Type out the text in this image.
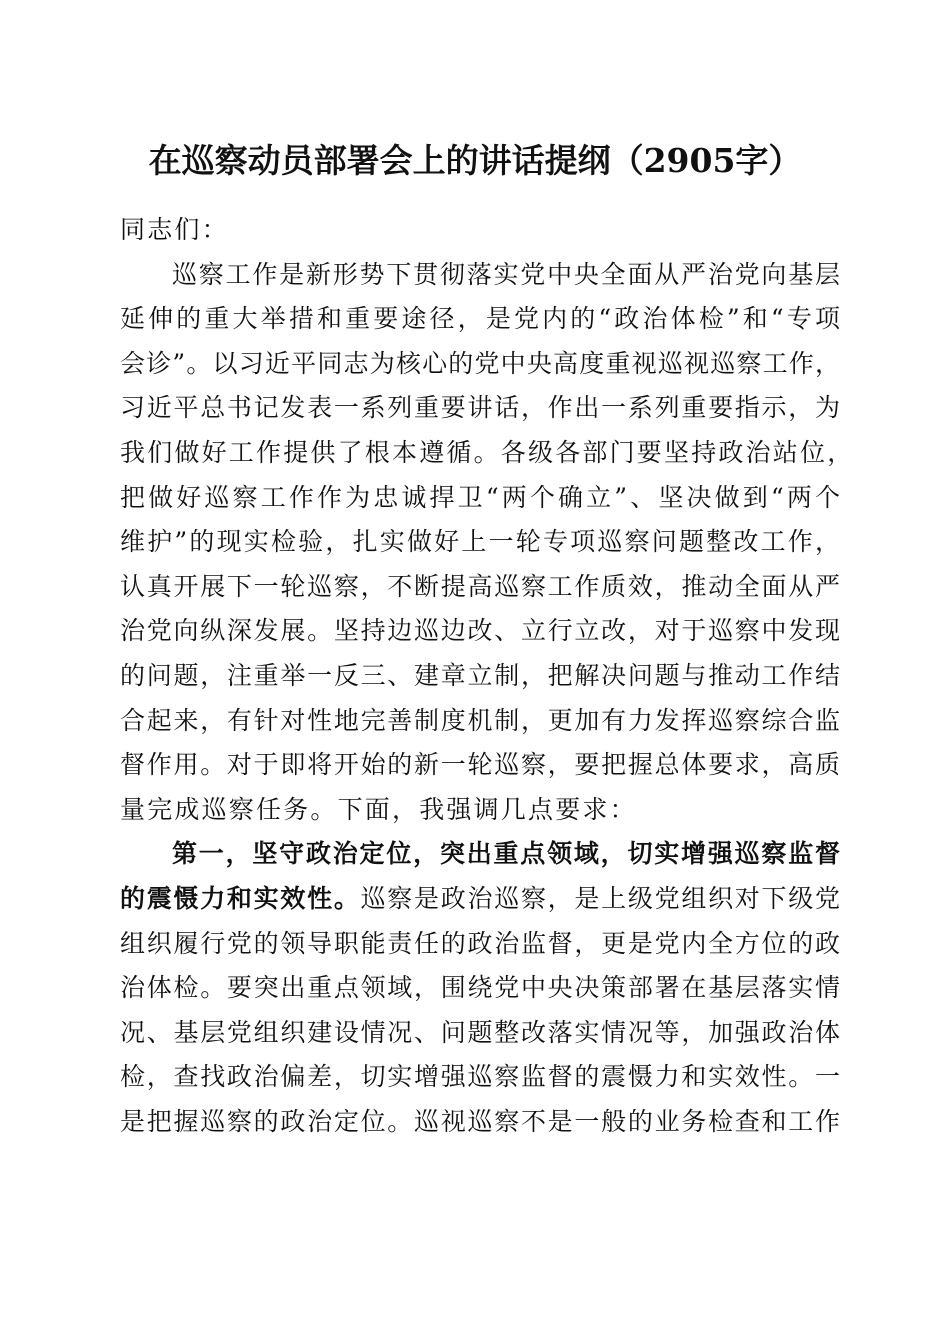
在巡察动员部署会上的讲话提纲（2905字）
同志们：
巡察工作是新形势下贯彻落实党中央全面从严治党向基层
延伸的重大举措和重要途径，是党内的“政治体检”和“专项
会诊”。以习近平同志为核心的党中央高度重视巡视巡察工作，
习近平总书记发表一系列重要讲话，作出一系列重要指示，为
我们做好工作提供了根本遵循。各级各部门要坚持政治站位，
把做好巡察工作作为忠诚捍卫“两个确立”、坚决做到“两个
维护”的现实检验，扎实做好上一轮专项巡察问题整改工作，
认真开展下一轮巡察，不断提高巡察工作质效，推动全面从严
治党向纵深发展。坚持边巡边改、立行立改，对于巡察中发现
的问题，注重举一反三、建章立制，把解决问题与推动工作结
合起来，有针对性地完善制度机制，更加有力发挥巡察综合监
督作用。对于即将开始的新一轮巡察，要把握总体要求，高质
量完成巡察任务。下面，我强调几点要求：
第一，坚守政治定位，突出重点领域，切实增强巡察监督
的震慑力和实效性。巡察是政治巡察，是上级党组织对下级党
组织履行党的领导职能责任的政治监督，更是党内全方位的政
治体检。要突出重点领域，围绕党中央决策部署在基层落实情
况、基层党组织建设情况、问题整改落实情况等，加强政治体
检，查找政治偏差，切实增强巡察监督的震慑力和实效性。一
是把握巡察的政治定位。巡视巡察不是一般的业务检查和工作
